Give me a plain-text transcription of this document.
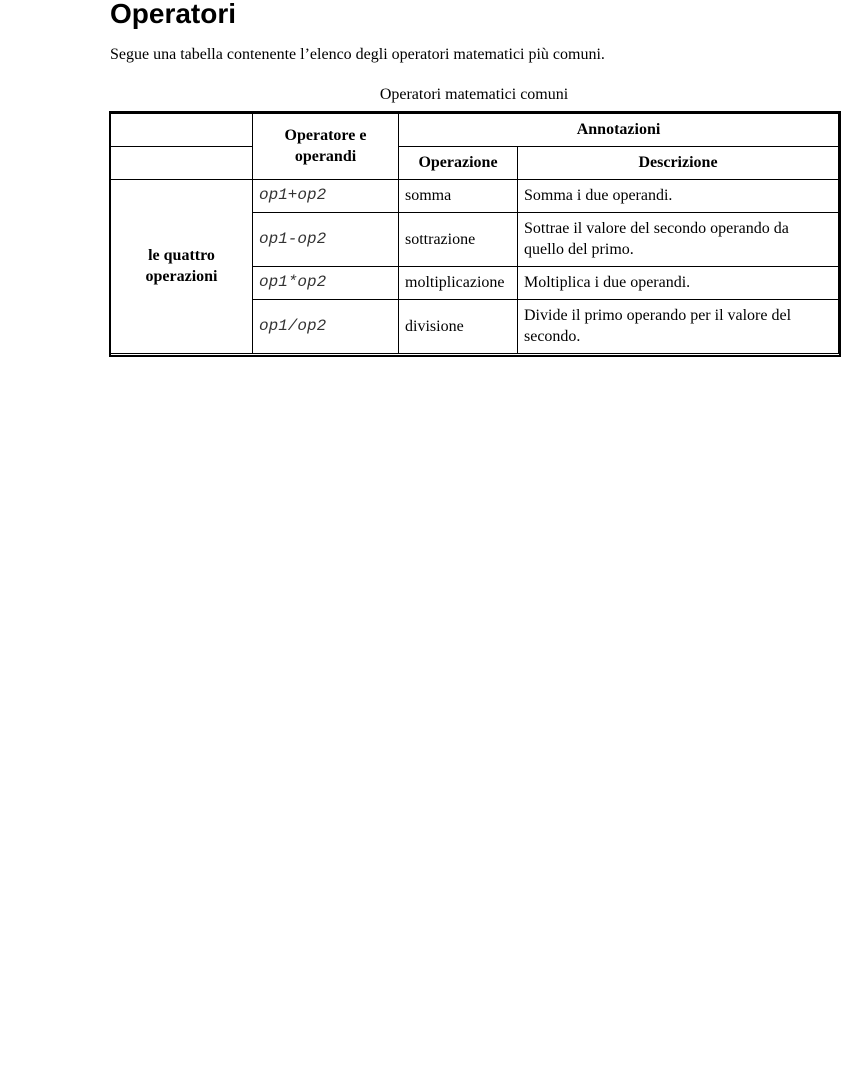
Operatori

Segue una tabella contenente l’elenco degli operatori matematici più comuni.

Operatori matematici comuni
	Operatore e operandi	Annotazioni	
		Operazione	Descrizione
le quattro operazioni	op1+op2	somma	Somma i due operandi.
	op1-op2	sottrazione	Sottrae il valore del secondo operando da quello del primo.
	op1*op2	moltiplicazione	Moltiplica i due operandi.
	op1/op2	divisione	Divide il primo operando per il valore del secondo.
